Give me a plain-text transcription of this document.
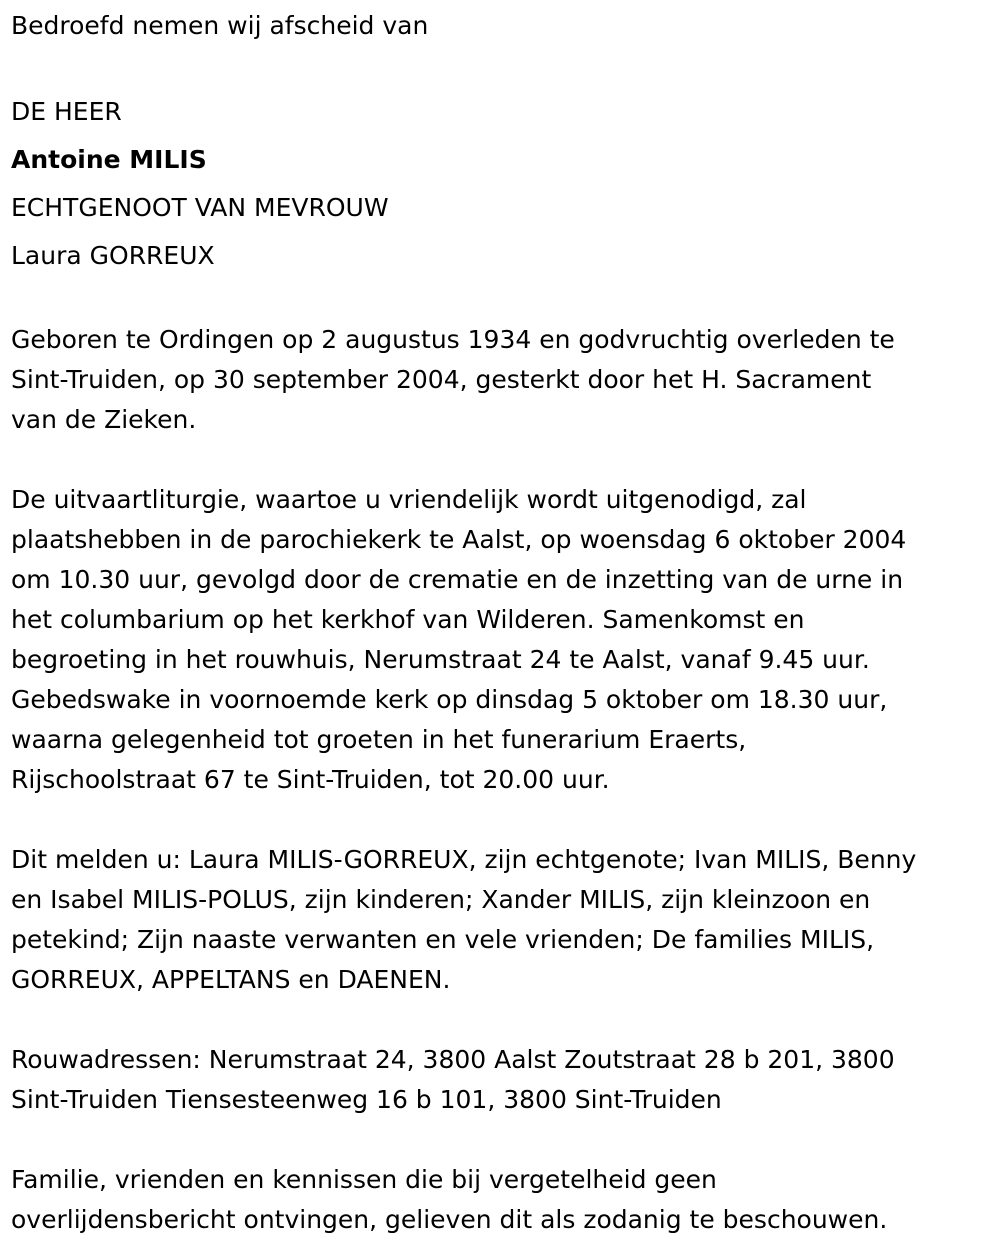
Bedroefd nemen wij afscheid van

DE HEER

Antoine MILIS

ECHTGENOOT VAN MEVROUW

Laura GORREUX

Geboren te Ordingen op 2 augustus 1934 en godvruchtig overleden te

Sint-Truiden, op 30 september 2004, gesterkt door het H. Sacrament

van de Zieken.

De uitvaartliturgie, waartoe u vriendelijk wordt uitgenodigd, zal

plaatshebben in de parochiekerk te Aalst, op woensdag 6 oktober 2004

om 10.30 uur, gevolgd door de crematie en de inzetting van de urne in

het columbarium op het kerkhof van Wilderen. Samenkomst en

begroeting in het rouwhuis, Nerumstraat 24 te Aalst, vanaf 9.45 uur.

Gebedswake in voornoemde kerk op dinsdag 5 oktober om 18.30 uur,

waarna gelegenheid tot groeten in het funerarium Eraerts,

Rijschoolstraat 67 te Sint-Truiden, tot 20.00 uur.

Dit melden u: Laura MILIS-GORREUX, zijn echtgenote; Ivan MILIS, Benny

en Isabel MILIS-POLUS, zijn kinderen; Xander MILIS, zijn kleinzoon en

petekind; Zijn naaste verwanten en vele vrienden; De families MILIS,

GORREUX, APPELTANS en DAENEN.

Rouwadressen: Nerumstraat 24, 3800 Aalst Zoutstraat 28 b 201, 3800

Sint-Truiden Tiensesteenweg 16 b 101, 3800 Sint-Truiden

Familie, vrienden en kennissen die bij vergetelheid geen

overlijdensbericht ontvingen, gelieven dit als zodanig te beschouwen.
